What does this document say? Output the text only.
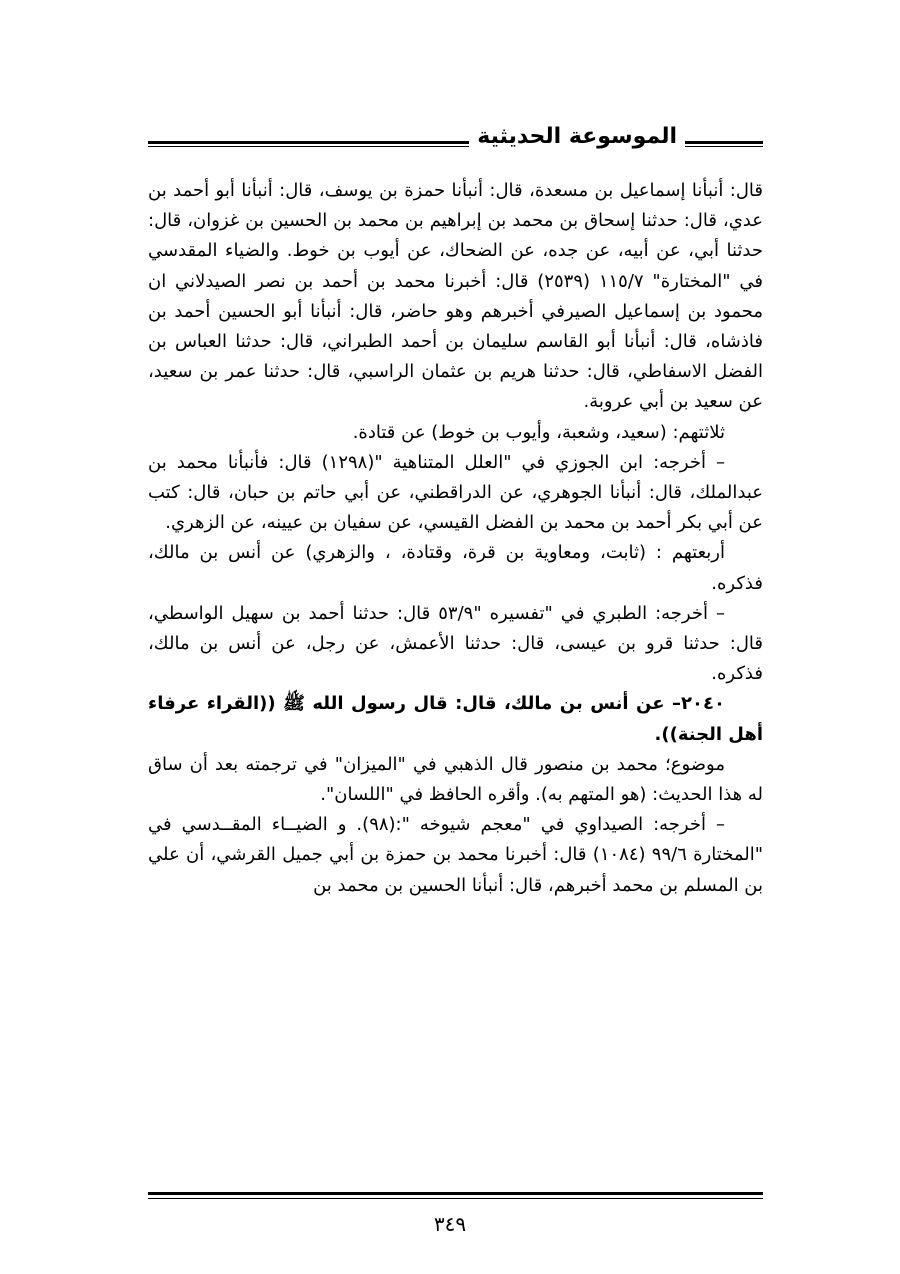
الموسوعة الحديثية

قال: أنبأنا إسماعيل بن مسعدة، قال: أنبأنا حمزة بن يوسف، قال: أنبأنا أبو أحمد بن عدي، قال: حدثنا إسحاق بن محمد بن إبراهيم بن محمد بن الحسين بن غزوان، قال: حدثنا أبي، عن أبيه، عن جده، عن الضحاك، عن أيوب بن خوط. والضياء المقدسي في "المختارة" ١١٥/٧ (٢٥٣٩) قال: أخبرنا محمد بن أحمد بن نصر الصيدلاني ان محمود بن إسماعيل الصيرفي أخبرهم وهو حاضر، قال: أنبأنا أبو الحسين أحمد بن فاذشاه، قال: أنبأنا أبو القاسم سليمان بن أحمد الطبراني، قال: حدثنا العباس بن الفضل الاسفاطي، قال: حدثنا هريم بن عثمان الراسبي، قال: حدثنا عمر بن سعيد، عن سعيد بن أبي عروبة.

ثلاثتهم: (سعيد، وشعبة، وأيوب بن خوط) عن قتادة.

– أخرجه: ابن الجوزي في "العلل المتناهية "(١٢٩٨) قال: فأنبأنا محمد بن عبدالملك، قال: أنبأنا الجوهري، عن الدراقطني، عن أبي حاتم بن حبان، قال: كتب عن أبي بكر أحمد بن محمد بن الفضل القيسي، عن سفيان بن عيينه، عن الزهري.

أربعتهم : (ثابت، ومعاوية بن قرة، وقتادة، ، والزهري) عن أنس بن مالك، فذكره.

– أخرجه: الطبري في "تفسيره "٥٣/٩ قال: حدثنا أحمد بن سهيل الواسطي، قال: حدثنا قرو بن عيسى، قال: حدثنا الأعمش، عن رجل، عن أنس بن مالك، فذكره.

٢٠٤٠– عن أنس بن مالك، قال: قال رسول الله ﷺ ((القراء عرفاء أهل الجنة)).

موضوع؛ محمد بن منصور قال الذهبي في "الميزان" في ترجمته بعد أن ساق له هذا الحديث: (هو المتهم به). وأقره الحافظ في "اللسان".

– أخرجه: الصيداوي في "معجم شيوخه ":(٩٨). و الضيــاء المقــدسي في "المختارة ٩٩/٦ (١٠٨٤) قال: أخبرنا محمد بن حمزة بن أبي جميل القرشي، أن علي بن المسلم بن محمد أخبرهم، قال: أنبأنا الحسين بن محمد بن

٣٤٩
